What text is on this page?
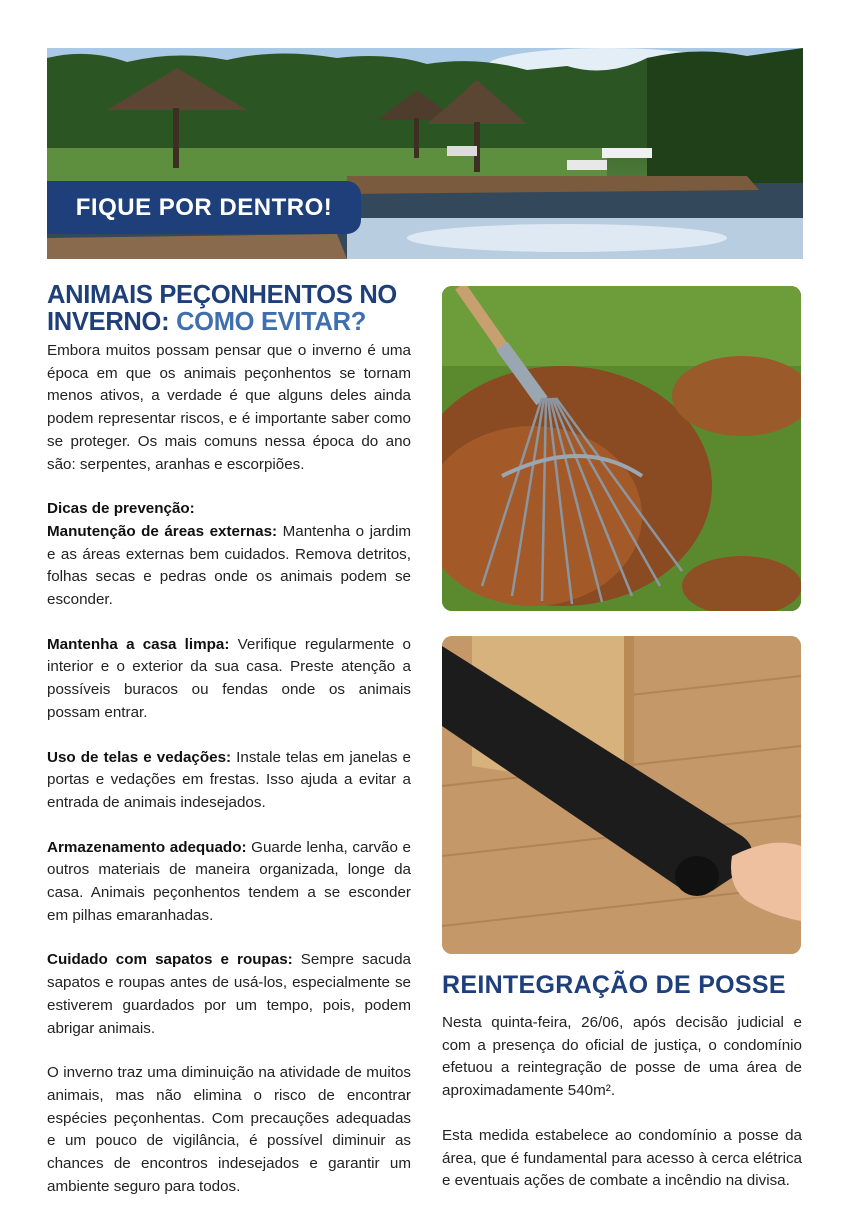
FIQUE POR DENTRO!
ANIMAIS PEÇONHENTOS NO INVERNO: COMO EVITAR?

Embora muitos possam pensar que o inverno é uma época em que os animais peçonhentos se tornam menos ativos, a verdade é que alguns deles ainda podem representar riscos, e é importante saber como se proteger. Os mais comuns nessa época do ano são: serpentes, aranhas e escorpiões.

Dicas de prevenção:

Manutenção de áreas externas: Mantenha o jardim e as áreas externas bem cuidados. Remova detritos, folhas secas e pedras onde os animais podem se esconder.

Mantenha a casa limpa: Verifique regularmente o interior e o exterior da sua casa. Preste atenção a possíveis buracos ou fendas onde os animais possam entrar.

Uso de telas e vedações: Instale telas em janelas e portas e vedações em frestas. Isso ajuda a evitar a entrada de animais indesejados.

Armazenamento adequado: Guarde lenha, carvão e outros materiais de maneira organizada, longe da casa. Animais peçonhentos tendem a se esconder em pilhas emaranhadas.

Cuidado com sapatos e roupas: Sempre sacuda sapatos e roupas antes de usá-los, especialmente se estiverem guardados por um tempo, pois, podem abrigar animais.

O inverno traz uma diminuição na atividade de muitos animais, mas não elimina o risco de encontrar espécies peçonhentas. Com precauções adequadas e um pouco de vigilância, é possível diminuir as chances de encontros indesejados e garantir um ambiente seguro para todos.

REINTEGRAÇÃO DE POSSE

Nesta quinta-feira, 26/06, após decisão judicial e com a presença do oficial de justiça, o condomínio efetuou a reintegração de posse de uma área de aproximadamente 540m².

Esta medida estabelece ao condomínio a posse da área, que é fundamental para acesso à cerca elétrica e eventuais ações de combate a incêndio na divisa.
